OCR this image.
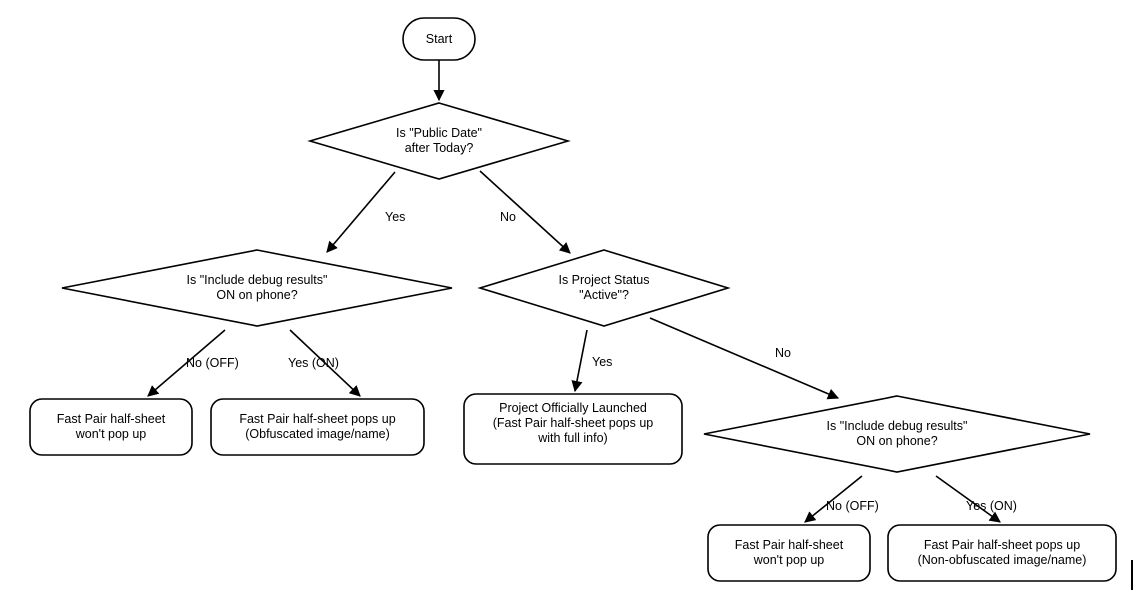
Start
Is "Public Date"
after Today?
Is "Include debug results"
ON on phone?
Is Project Status
"Active"?
Fast Pair half-sheet
won't pop up
Fast Pair half-sheet pops up
(Obfuscated image/name)
Project Officially Launched
(Fast Pair half-sheet pops up
with full info)
Is "Include debug results"
ON on phone?
Fast Pair half-sheet
won't pop up
Fast Pair half-sheet pops up
(Non-obfuscated image/name)
Yes	No
No (OFF)	Yes (ON)	Yes
No
No (OFF)	Yes (ON)
